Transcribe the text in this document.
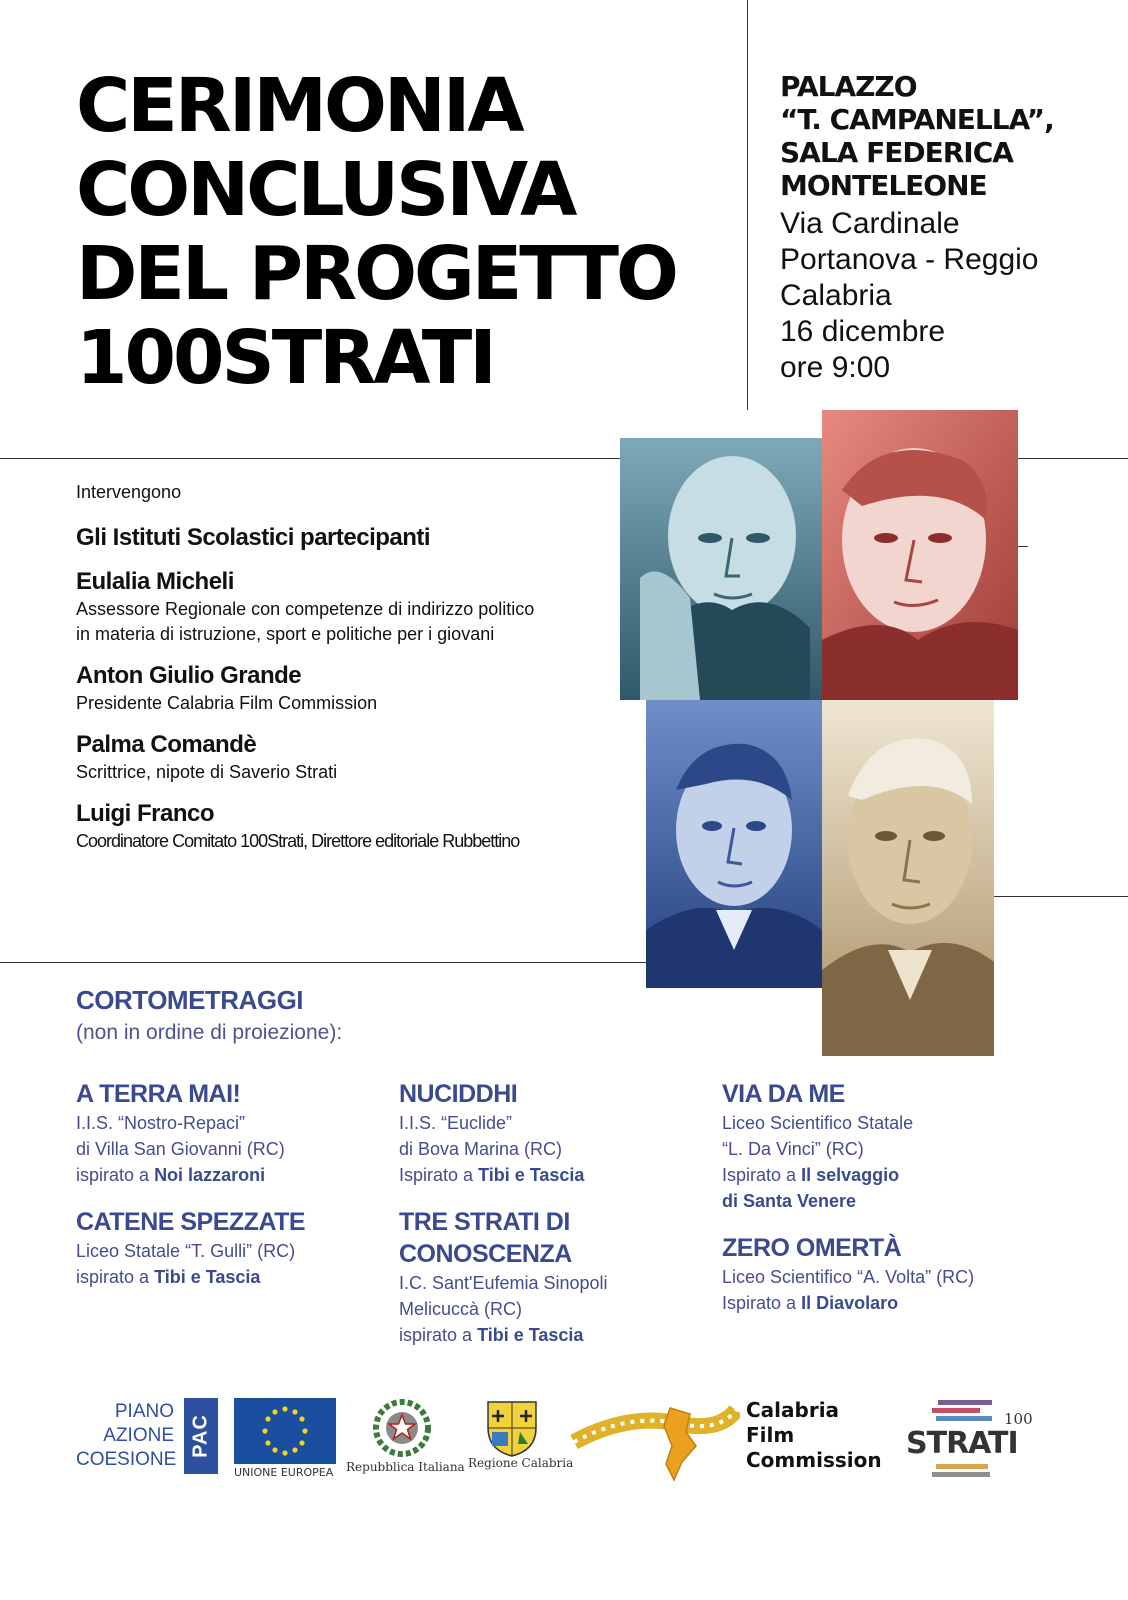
CERIMONIA
CONCLUSIVA
DEL PROGETTO
100STRATI
PALAZZO
“T. CAMPANELLA”,
SALA FEDERICA
MONTELEONE
Via Cardinale
Portanova - Reggio
Calabria
16 dicembre
ore 9:00
Intervengono
Gli Istituti Scolastici partecipanti
Eulalia Micheli
Assessore Regionale con competenze di indirizzo politico
in materia di istruzione, sport e politiche per i giovani
Anton Giulio Grande
Presidente Calabria Film Commission
Palma Comandè
Scrittrice, nipote di Saverio Strati
Luigi Franco
Coordinatore Comitato 100Strati, Direttore editoriale Rubbettino
CORTOMETRAGGI
(non in ordine di proiezione):
A TERRA MAI!
I.I.S. “Nostro-Repaci”
di Villa San Giovanni (RC)
ispirato a Noi lazzaroni
NUCIDDHI
I.I.S. “Euclide”
di Bova Marina (RC)
Ispirato a Tibi e Tascia
VIA DA ME
Liceo Scientifico Statale
“L. Da Vinci” (RC)
Ispirato a Il selvaggio
di Santa Venere
CATENE SPEZZATE
Liceo Statale “T. Gulli” (RC)
ispirato a Tibi e Tascia
TRE STRATI DI
CONOSCENZA
I.C. Sant'Eufemia Sinopoli
Melicuccà (RC)
ispirato a Tibi e Tascia
ZERO OMERTÀ
Liceo Scientifico “A. Volta” (RC)
Ispirato a Il Diavolaro
PIANO
AZIONE
COESIONE
PAC
UNIONE EUROPEA Repubblica Italiana Regione Calabria
Calabria
Film
Commission STRATI
100
